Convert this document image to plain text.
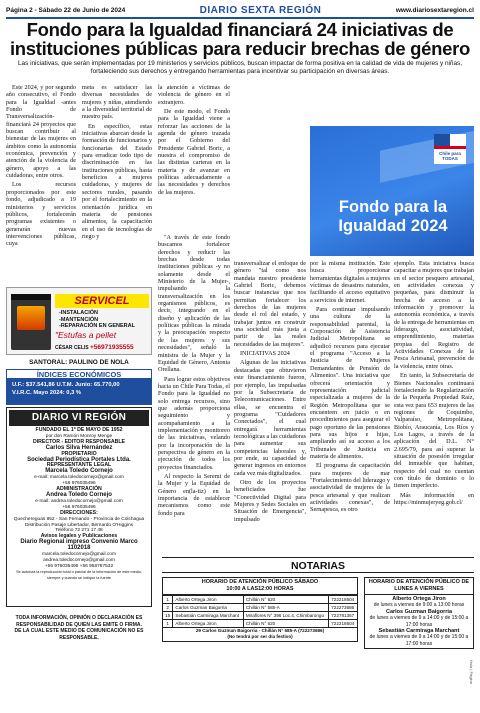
Página 2 - Sábado 22 de Junio de 2024	DIARIO SEXTA REGIÓN	www.diariosextaregion.cl
Fondo para la Igualdad financiará 24 iniciativas de
instituciones públicas para reducir brechas de género
Las iniciativas, que serán implementadas por 19 ministerios y servicios públicos, buscan impactar de forma positiva en la calidad de vida de mujeres y niñas, fortaleciendo sus derechos y entregando herramientas para incentivar su participación en diversas áreas.

Este 2024, y por segundo año consecutivo, el Fondo para la Igualdad -antes Fondo de Transversalización- financiará 24 proyectos que buscan contribuir al bienestar de las mujeres en ámbitos como la autonomía económica, prevención y atención de la violencia de género, apoyo a las cuidadoras, entre otros.

Los recursos proporcionados por este fondo, adjudicado a 19 ministerios y servicios públicos, fortalecerán programas existentes o generarán nuevas intervenciones públicas, cuya

meta es satisfacer las diversas necesidades de mujeres y niñas, atendiendo a la diversidad territorial de nuestro país.

En específico, estas iniciativas abarcan desde la formación de funcionarios y funcionarias del Estado para erradicar todo tipo de discriminación en las instituciones públicas, hasta beneficios a mujeres cuidadoras, y mujeres de sectores rurales, pasando por el fortalecimiento en la orientación jurídica en materia de pensiones alimentos, la capacitación en el uso de tecnologías de riego y

la atención a víctimas de violencia de género en el extranjero.

De este modo, el Fondo para la Igualdad viene a reforzar las acciones de la agenda de género trazada por el Gobierno del Presidente Gabriel Boric, a nuestra el compromiso de las distintas carteras en la materia y de avanzar en políticas adecuadamente a las necesidades y derechos de las mujeres.

"A través de este fondo buscamos fortalecer derechos y reducir las brechas desde todas instituciones públicas -y no solamente desde el Ministerio de la Mujer-, impulsando la transversalización en los organismos públicos, es decir, integrando en el diseño y aplicación de las políticas públicas la mirada y la preocupación respecto de las mujeres y sus necesidades", señaló la ministra de la Mujer y la Equidad de Género, Antonia Orellana.

Para lograr estos objetivos hacia un Chile Para Todas, el Fondo para la Igualdad no solo entrega recursos, sino que además proporciona seguimiento y acompañamiento a la implementación y monitoreo de las iniciativas, velando por la incorporación de la perspectiva de género en la ejecución de todos los proyectos financiados.

Al respecto la Seremi de la Mujer y la Equidad de Género en(la-tiz) en la importancia de establecer mecanismos como este fondo para

transversalizar el enfoque de género "tal como nos mandata nuestro presidente Gabriel Boric, debemos buscar instancias que nos permitan fortalecer los derechos de las mujeres desde el rol del estado, y trabajar juntos en construir una sociedad más justa a partir de las reales necesidades de las mujeres".

INICIATIVAS 2024

Algunas de las iniciativas destacadas que obtuvieron este financiamiento fueron, por ejemplo, las impulsadas por la Subsecretaría de Telecomunicaciones. Entre ellas, se encuentra el programa "Cuidadores Conectados", el cual entregará herramientas tecnológicas a las cuidadoras para aumentar sus competencias laborales y, por ende, su capacidad de generar ingresos en entornos cada vez más digitalizados.

Otro de los proyectos beneficiados fue "Conectividad Digital para Mujeres y Sedes Sociales en Situación de Emergencia", impulsado

por la misma institución. Este busca proporcionar herramientas digitales a mujeres víctimas de desastres naturales, facilitando el acceso equitativo a servicios de internet.

Para continuar impulsando una cultura de la responsabilidad parental, la Corporación de Asistencia Judicial Metropolitana se adjudicó recursos para ejecutar el programa "Acceso a la Justicia de Mujeres Demandantes de Pensión de Alimentos". Una iniciativa que ofrecerá orientación y representación judicial especializada a mujeres de la Región Metropolitana que se encuentren en juicio o en procedimientos para asegurar el pago oportuno de las pensiones para sus hijos e hijas, ampliando así su acceso a los Tribunales de Justicia en materia de alimentos.

El programa de capacitación para mujeres de mar "Fortalecimiento del liderazgo y asociatividad de mujeres de la pesca artesanal y que realizan actividades conexas", de Sernapesca, es otro

ejemplo. Esta iniciativa busca capacitar a mujeres que trabajan en el sector pesquero artesanal, en actividades conexas y pequeñas, para disminuir la brecha de acceso a la información y promover la autonomía económica, a través de la entrega de herramientas en liderazgo, asociatividad, emprendimiento, materias propias del Registro de Actividades Conexas de la Pesca Artesanal, prevención de la violencia, entre otras.

En tanto, la Subsecretaría de Bienes Nacionales continuará fortaleciendo la Regularización de la Pequeña Propiedad Raíz, esta vez para 653 mujeres de las regiones de Coquimbo, Valparaíso, Metropolitana, Biobío, Araucanía, Los Ríos y Los Lagos, a través de la aplicación del D.L. N° 2.695/79, para así superar la situación de posesión irregular del inmueble que habitan, respecto del cual no cuentan con título de dominio o lo tienen imperfecto.

Más información en https://minmujeryeg.gob.cl/

Chile para TODAS
Fondo para la Igualdad 2024
SERVICEL
-INSTALACIÓN
-MANTENCIÓN
-REPARACIÓN EN GENERAL
"Estufas a pellet
CÉSAR CELIS +56971935555
SANTORAL: PAULINO DE NOLA
ÍNDICES ECONÓMICOS
U.F.: $37.541,86 U.T.M. Junio: 65.770,00
V.I.R.C. Mayo 2024: 0,3 %
DIARIO VI REGIÓN
FUNDADO EL 1º DE MAYO DE 1952
por don Ramón Monroy Menge
DIRECTOR - EDITOR RESPONSABLE
Carlos Silva Hernández
PROPIETARIO
Sociedad Periodística Portales Ltda.
REPRESENTANTE LEGAL
Marcela Toledo Cornejo
e-mail: marcela.toledocornejo@gmail.com
+56 976035496
ADMINISTRACIÓN
Andrea Toledo Cornejo
e-mail: andrea.toledocornejo@gmail.com
+56 976035496
DIRECCIONES:
Quechereguas 852 - San Fernando - Provincia de Colchagua
Distribución Pasaje Libertador, Bernardo O'Higgins
Teléfono 72 271 17 48
Avisos legales y Publicaciones
Diario Regional impreso Convenio Marco 1102018
marcela.toledocornejo@gmail.com andrea.toledocornejo@gmail.com
+56 976035496 +56 958787532
Se autoriza la reproducción total o parcial de la información de este medio, siempre y cuando se indique la fuente
TODA INFORMACIÓN, OPINIÓN O DECLARACIÓN ES RESPONSABILIDAD DE QUIEN LAS EMITE O FIRMA. DE LA CUAL ESTE MEDIO DE COMUNICACIÓN NO ES RESPONSABLE.
NOTARIAS
HORARIO DE ATENCIÓN PÚBLICO SÁBADO
10:00 A LAS12:00 HORAS
1	Alberto Ortega Jiron	Chillán N° 620	722218604
2	Carlos Guzman Baigorria	Chillán N° 585-A	722273686
15	Sebastián Carmiraga Marchant	Miraflores N° 396 Loc.4, Chimbarongo	722781357
1	Alberto Ortega Jiron	Chillán N° 620	722218604
29 Carlos Guzman Baigorria - Chillán N° 585-A (722273686)
(No tendrá por ser día festivo)
HORARIO DE ATENCIÓN PÚBLICO DE
LUNES A VIERNES
Alberto Ortega Jiron
de lunes a viernes de 9:00 a 13:00 horas
Carlos Guzman Baigorria
de lunes a viernes de 9 a 14:00 y de 15:00 a 17:00 horas
Sebastián Carmiraga Marchant
de lunes a viernes de 9 a 14:00 y de 15:00 a 17:00 horas
Hola | Página
